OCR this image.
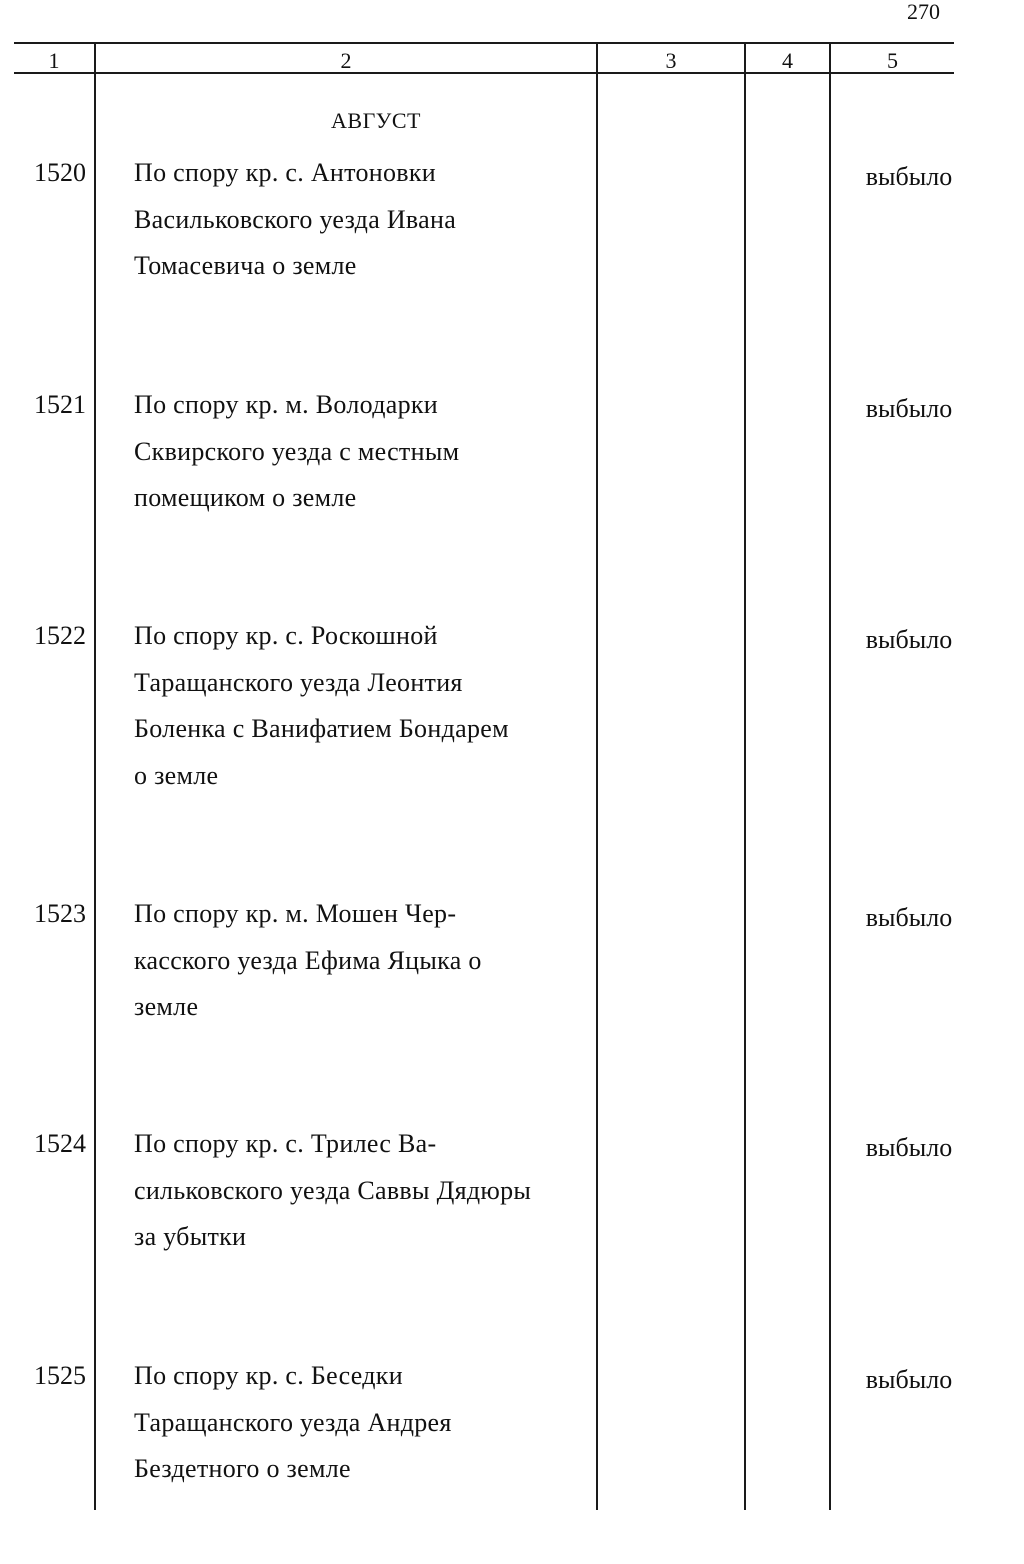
270
1	2	3	4	5
АВГУСТ
1520 По спору кр. с. Антоновки
Васильковского уезда Ивана
Томасевича о земле
выбыло
1521 По спору кр. м. Володарки
Сквирского уезда с местным
помещиком о земле
выбыло
1522 По спору кр. с. Роскошной
Таращанского уезда Леонтия
Боленка с Ванифатием Бондарем
о земле
выбыло
1523 По спору кр. м. Мошен Чер-
касского уезда Ефима Яцыка о
земле
выбыло
1524 По спору кр. с. Трилес Ва-
сильковского уезда Саввы Дядюры
за убытки
выбыло
1525 По спору кр. с. Беседки
Таращанского уезда Андрея
Бездетного о земле
выбыло
